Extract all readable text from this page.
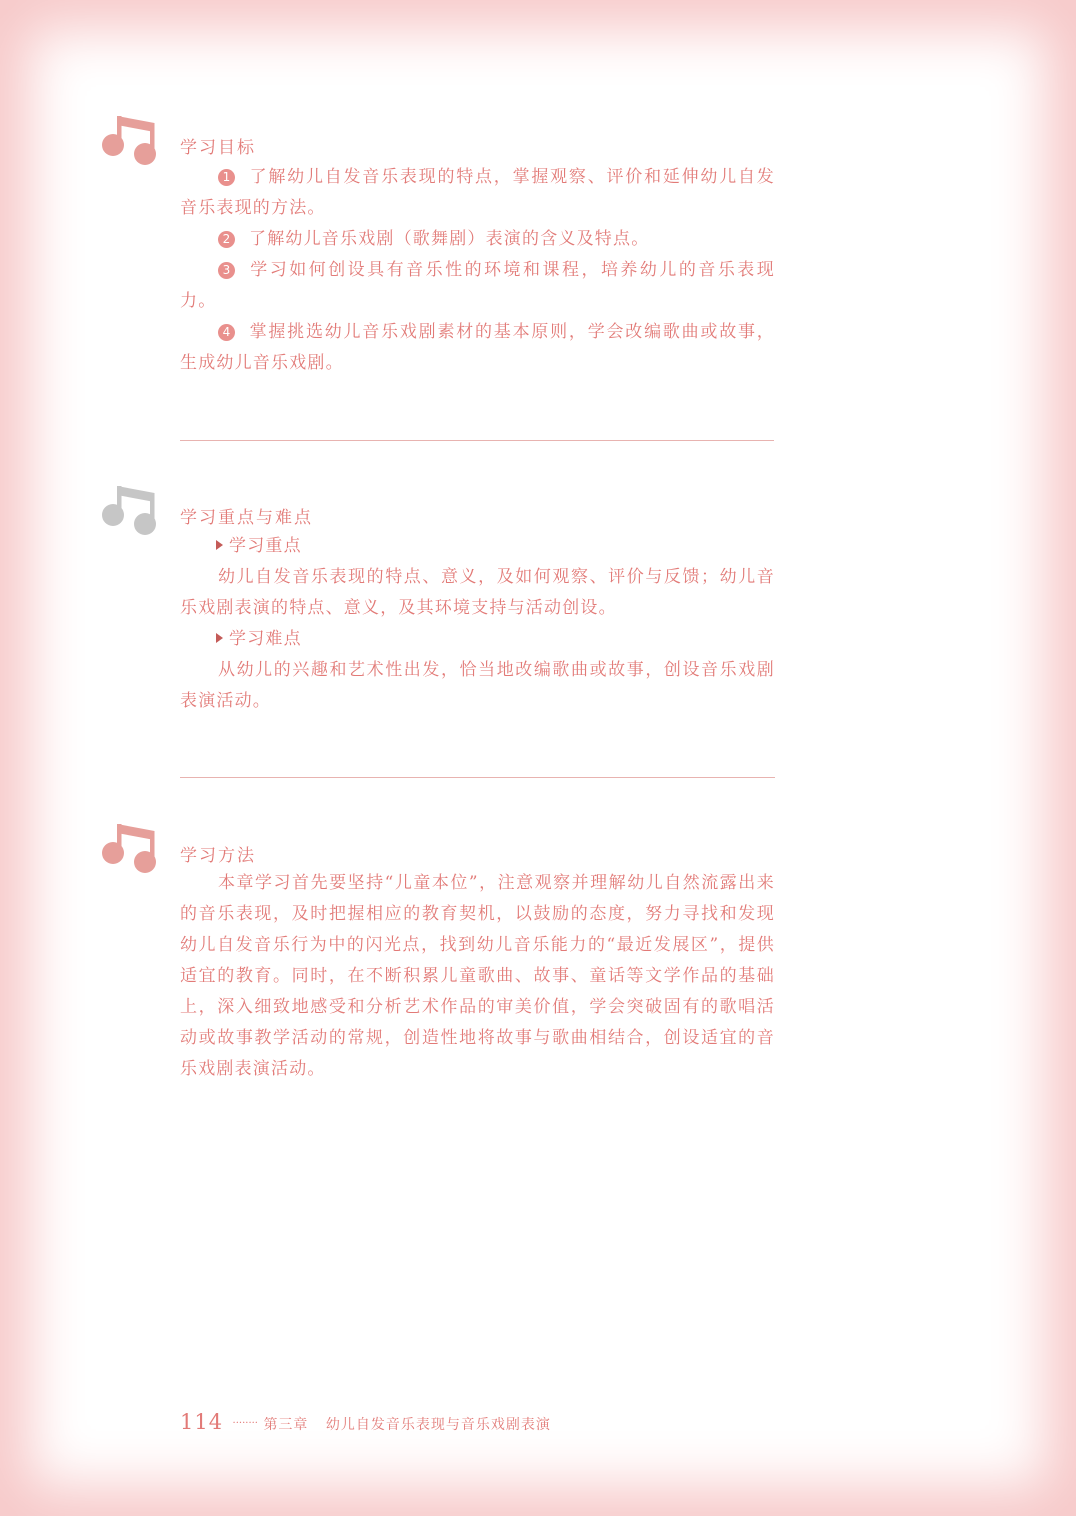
学习目标

1 了解幼儿自发音乐表现的特点，掌握观察、评价和延伸幼儿自发音乐表现的方法。

2 了解幼儿音乐戏剧（歌舞剧）表演的含义及特点。

3 学习如何创设具有音乐性的环境和课程，培养幼儿的音乐表现力。

4 掌握挑选幼儿音乐戏剧素材的基本原则，学会改编歌曲或故事，生成幼儿音乐戏剧。

学习重点与难点

学习重点

幼儿自发音乐表现的特点、意义，及如何观察、评价与反馈；幼儿音乐戏剧表演的特点、意义，及其环境支持与活动创设。

学习难点

从幼儿的兴趣和艺术性出发，恰当地改编歌曲或故事，创设音乐戏剧表演活动。

学习方法

本章学习首先要坚持“儿童本位”，注意观察并理解幼儿自然流露出来的音乐表现，及时把握相应的教育契机，以鼓励的态度，努力寻找和发现幼儿自发音乐行为中的闪光点，找到幼儿音乐能力的“最近发展区”，提供适宜的教育。同时，在不断积累儿童歌曲、故事、童话等文学作品的基础上，深入细致地感受和分析艺术作品的审美价值，学会突破固有的歌唱活动或故事教学活动的常规，创造性地将故事与歌曲相结合，创设适宜的音乐戏剧表演活动。

114 ········ 第三章 幼儿自发音乐表现与音乐戏剧表演
